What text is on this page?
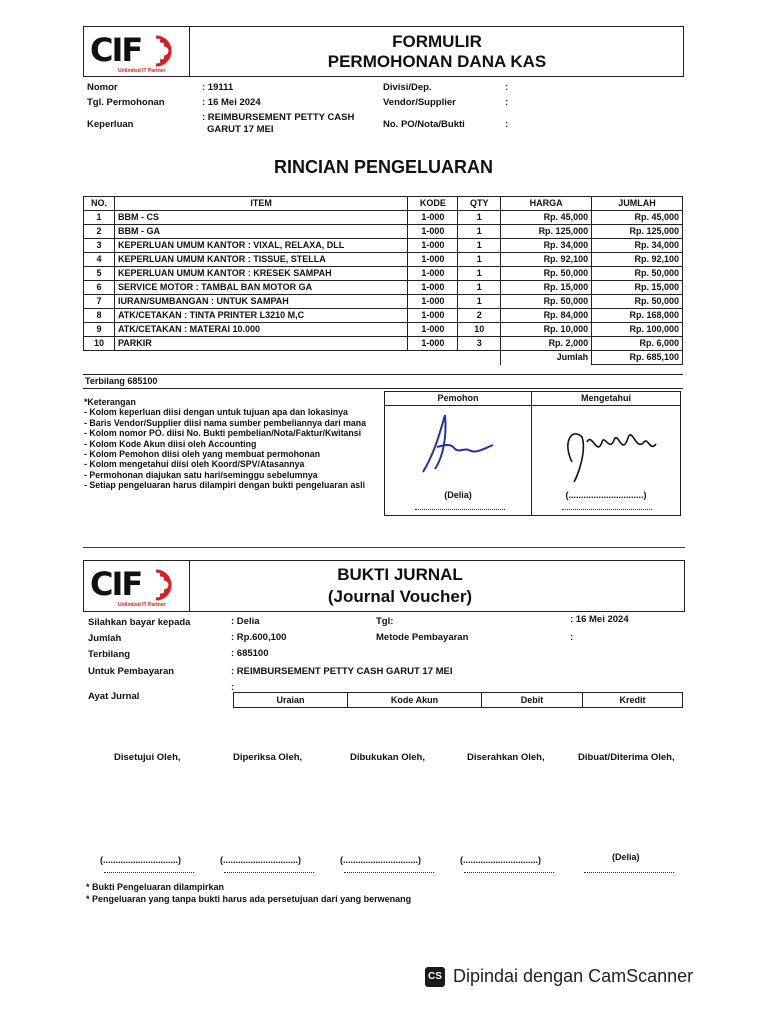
CIF
Unlimited IT Partner
FORMULIR
PERMOHONAN DANA KAS
Nomor	: 19111
Tgl. Permohonan	: 16 Mei 2024
Keperluan
: REIMBURSEMENT PETTY CASH
GARUT 17 MEI
Divisi/Dep.	:
Vendor/Supplier	:
No. PO/Nota/Bukti	:
RINCIAN PENGELUARAN
NO.	ITEM	KODE	QTY	HARGA	JUMLAH
1	BBM - CS	1-000	1	Rp. 45,000	Rp. 45,000
2	BBM - GA	1-000	1	Rp. 125,000	Rp. 125,000
3	KEPERLUAN UMUM KANTOR : VIXAL, RELAXA, DLL	1-000	1	Rp. 34,000	Rp. 34,000
4	KEPERLUAN UMUM KANTOR : TISSUE, STELLA	1-000	1	Rp. 92,100	Rp. 92,100
5	KEPERLUAN UMUM KANTOR : KRESEK SAMPAH	1-000	1	Rp. 50,000	Rp. 50,000
6	SERVICE MOTOR : TAMBAL BAN MOTOR GA	1-000	1	Rp. 15,000	Rp. 15,000
7	IURAN/SUMBANGAN : UNTUK SAMPAH	1-000	1	Rp. 50,000	Rp. 50,000
8	ATK/CETAKAN : TINTA PRINTER L3210 M,C	1-000	2	Rp. 84,000	Rp. 168,000
9	ATK/CETAKAN : MATERAI 10.000	1-000	10	Rp. 10,000	Rp. 100,000
10	PARKIR	1-000	3	Rp. 2,000	Rp. 6,000
				Jumlah	Rp. 685,100
Terbilang 685100
*Keterangan
- Kolom keperluan diisi dengan untuk tujuan apa dan lokasinya
- Baris Vendor/Supplier diisi nama sumber pembeliannya dari mana
- Kolom nomor PO. diisi No. Bukti pembelian/Nota/Faktur/Kwitansi
- Kolom Kode Akun diisi oleh Accounting
- Kolom Pemohon diisi oleh yang membuat permohonan
- Kolom mengetahui diisi oleh Koord/SPV/Atasannya
- Permohonan diajukan satu hari/seminggu sebelumnya
- Setiap pengeluaran harus dilampiri dengan bukti pengeluaran asli
Pemohon
(Delia)
Mengetahui
(..............................)
CIF
Unlimited IT Partner
BUKTI JURNAL
(Journal Voucher)
Silahkan bayar kepada	: Delia	Tgl:	: 16 Mei 2024
Jumlah	: Rp.600,100	Metode Pembayaran	:
Terbilang	: 685100
Untuk Pembayaran	: REIMBURSEMENT PETTY CASH GARUT 17 MEI
Ayat Jurnal
:
Uraian	Kode Akun	Debit	Kredit
Disetujui Oleh,	Diperiksa Oleh,	Dibukukan Oleh,	Diserahkan Oleh,	Dibuat/Diterima Oleh,
(..............................)	(..............................)	(..............................)	(..............................)	(Delia)
* Bukti Pengeluaran dilampirkan
* Pengeluaran yang tanpa bukti harus ada persetujuan dari yang berwenang
CS Dipindai dengan CamScanner
